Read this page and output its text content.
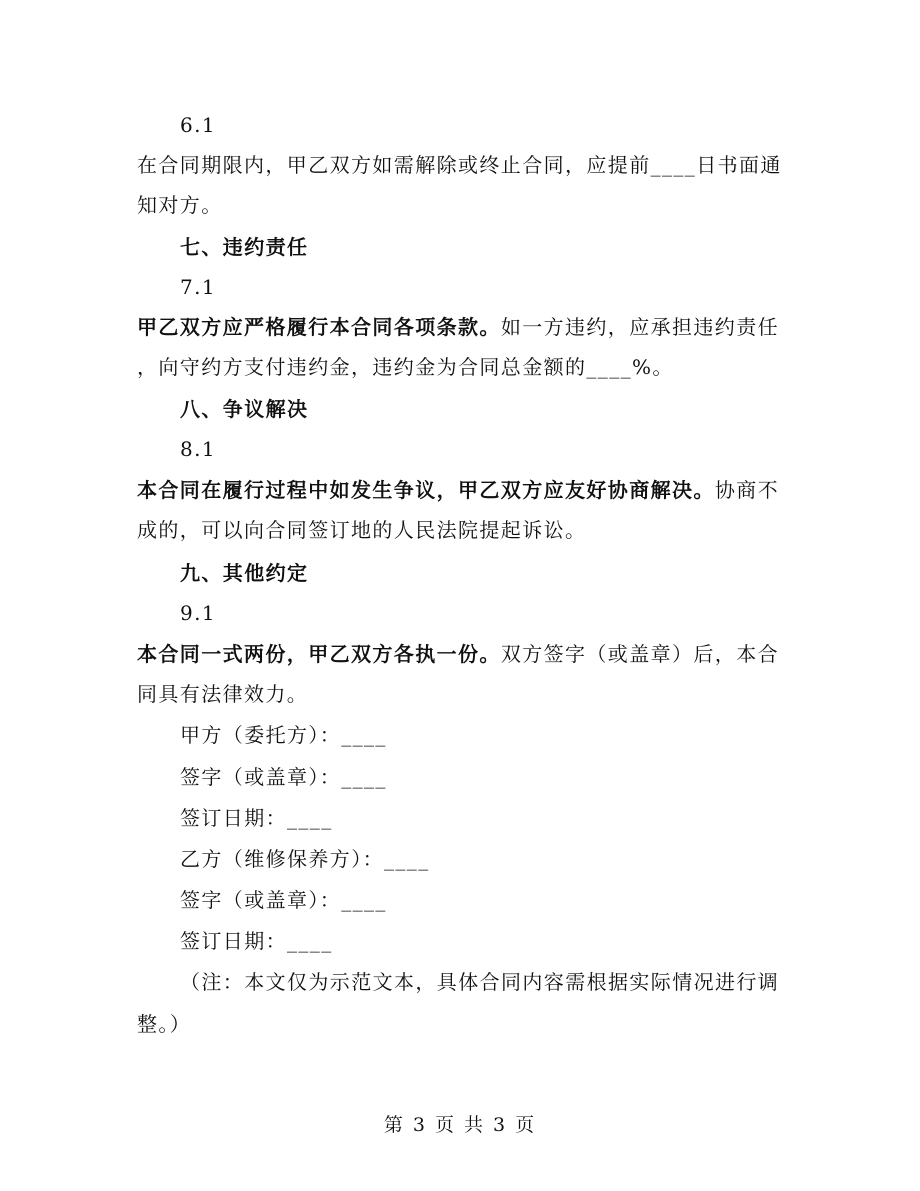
6.1
在合同期限内，甲乙双方如需解除或终止合同，应提前____日书面通
知对方。
七、违约责任
7.1
甲乙双方应严格履行本合同各项条款。如一方违约，应承担违约责任
，向守约方支付违约金，违约金为合同总金额的____%。
八、争议解决
8.1
本合同在履行过程中如发生争议，甲乙双方应友好协商解决。协商不
成的，可以向合同签订地的人民法院提起诉讼。
九、其他约定
9.1
本合同一式两份，甲乙双方各执一份。双方签字（或盖章）后，本合
同具有法律效力。
甲方（委托方）：____
签字（或盖章）：____
签订日期：____
乙方（维修保养方）：____
签字（或盖章）：____
签订日期：____
（注：本文仅为示范文本，具体合同内容需根据实际情况进行调
整。）
第 3 页 共 3 页
